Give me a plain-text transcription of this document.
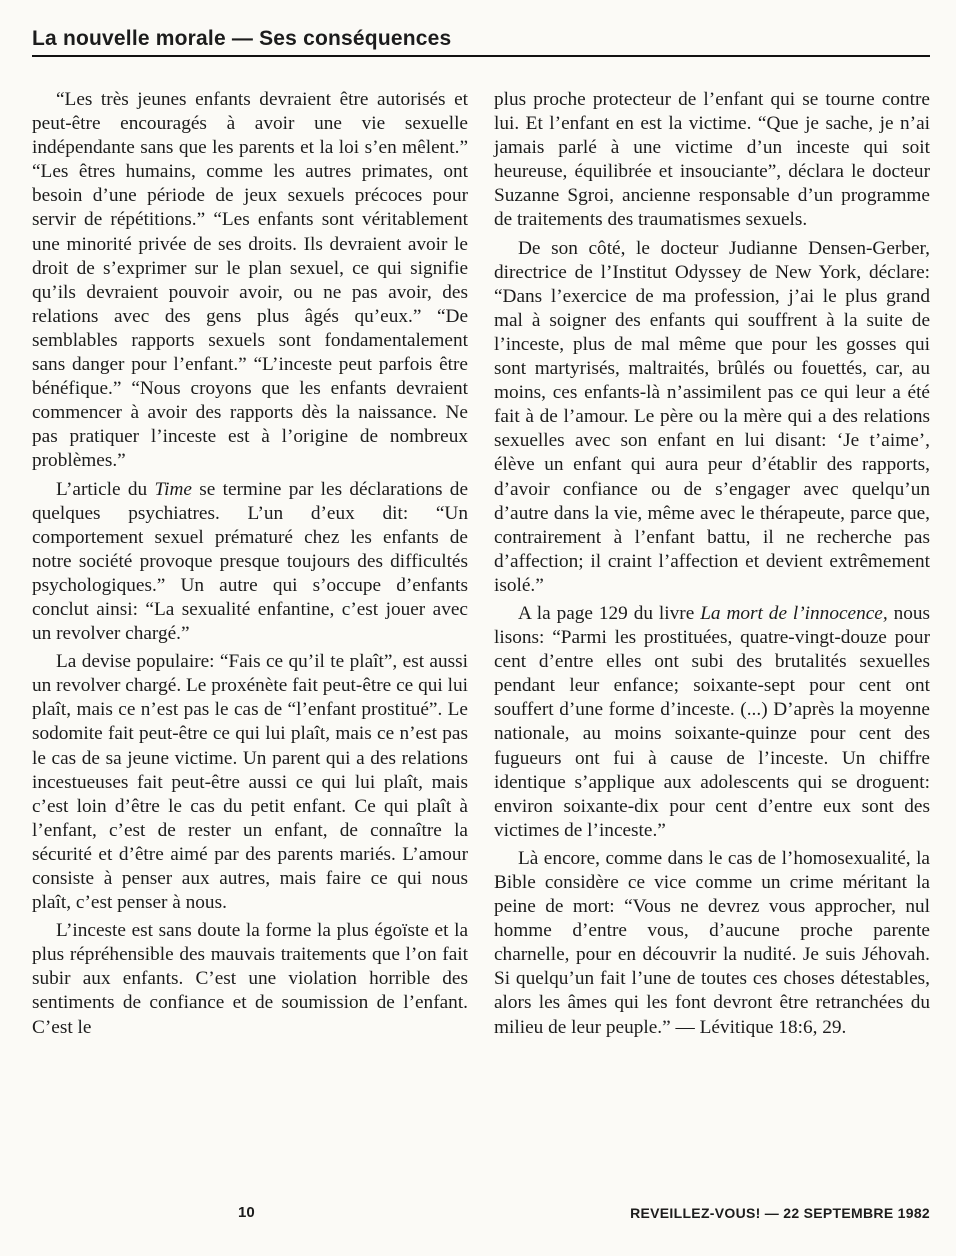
La nouvelle morale — Ses conséquences

“Les très jeunes enfants devraient être autorisés et peut-être encouragés à avoir une vie sexuelle indépendante sans que les parents et la loi s’en mêlent.” “Les êtres humains, comme les autres primates, ont besoin d’une période de jeux sexuels précoces pour servir de répétitions.” “Les enfants sont véritablement une minorité privée de ses droits. Ils devraient avoir le droit de s’exprimer sur le plan sexuel, ce qui signifie qu’ils devraient pouvoir avoir, ou ne pas avoir, des relations avec des gens plus âgés qu’eux.” “De semblables rapports sexuels sont fondamentalement sans danger pour l’enfant.” “L’inceste peut parfois être bénéfique.” “Nous croyons que les enfants devraient commencer à avoir des rapports dès la naissance. Ne pas pratiquer l’inceste est à l’origine de nombreux problèmes.”

L’article du Time se termine par les déclarations de quelques psychiatres. L’un d’eux dit: “Un comportement sexuel prématuré chez les enfants de notre société provoque presque toujours des difficultés psychologiques.” Un autre qui s’occupe d’enfants conclut ainsi: “La sexualité enfantine, c’est jouer avec un revolver chargé.”

La devise populaire: “Fais ce qu’il te plaît”, est aussi un revolver chargé. Le proxénète fait peut-être ce qui lui plaît, mais ce n’est pas le cas de “l’enfant prostitué”. Le sodomite fait peut-être ce qui lui plaît, mais ce n’est pas le cas de sa jeune victime. Un parent qui a des relations incestueuses fait peut-être aussi ce qui lui plaît, mais c’est loin d’être le cas du petit enfant. Ce qui plaît à l’enfant, c’est de rester un enfant, de connaître la sécurité et d’être aimé par des parents mariés. L’amour consiste à penser aux autres, mais faire ce qui nous plaît, c’est penser à nous.

L’inceste est sans doute la forme la plus égoïste et la plus répréhensible des mauvais traitements que l’on fait subir aux enfants. C’est une violation horrible des sentiments de confiance et de soumission de l’enfant. C’est le

plus proche protecteur de l’enfant qui se tourne contre lui. Et l’enfant en est la victime. “Que je sache, je n’ai jamais parlé à une victime d’un inceste qui soit heureuse, équilibrée et insouciante”, déclara le docteur Suzanne Sgroi, ancienne responsable d’un programme de traitements des traumatismes sexuels.

De son côté, le docteur Judianne Densen-Gerber, directrice de l’Institut Odyssey de New York, déclare: “Dans l’exercice de ma profession, j’ai le plus grand mal à soigner des enfants qui souffrent à la suite de l’inceste, plus de mal même que pour les gosses qui sont martyrisés, maltraités, brûlés ou fouettés, car, au moins, ces enfants-là n’assimilent pas ce qui leur a été fait à de l’amour. Le père ou la mère qui a des relations sexuelles avec son enfant en lui disant: ‘Je t’aime’, élève un enfant qui aura peur d’établir des rapports, d’avoir confiance ou de s’engager avec quelqu’un d’autre dans la vie, même avec le thérapeute, parce que, contrairement à l’enfant battu, il ne recherche pas d’affection; il craint l’affection et devient extrêmement isolé.”

A la page 129 du livre La mort de l’innocence, nous lisons: “Parmi les prostituées, quatre-vingt-douze pour cent d’entre elles ont subi des brutalités sexuelles pendant leur enfance; soixante-sept pour cent ont souffert d’une forme d’inceste. (...) D’après la moyenne nationale, au moins soixante-quinze pour cent des fugueurs ont fui à cause de l’inceste. Un chiffre identique s’applique aux adolescents qui se droguent: environ soixante-dix pour cent d’entre eux sont des victimes de l’inceste.”

Là encore, comme dans le cas de l’homosexualité, la Bible considère ce vice comme un crime méritant la peine de mort: “Vous ne devrez vous approcher, nul homme d’entre vous, d’aucune proche parente charnelle, pour en découvrir la nudité. Je suis Jéhovah. Si quelqu’un fait l’une de toutes ces choses détestables, alors les âmes qui les font devront être retranchées du milieu de leur peuple.” — Lévitique 18:6, 29.

10	REVEILLEZ-VOUS! — 22 SEPTEMBRE 1982
